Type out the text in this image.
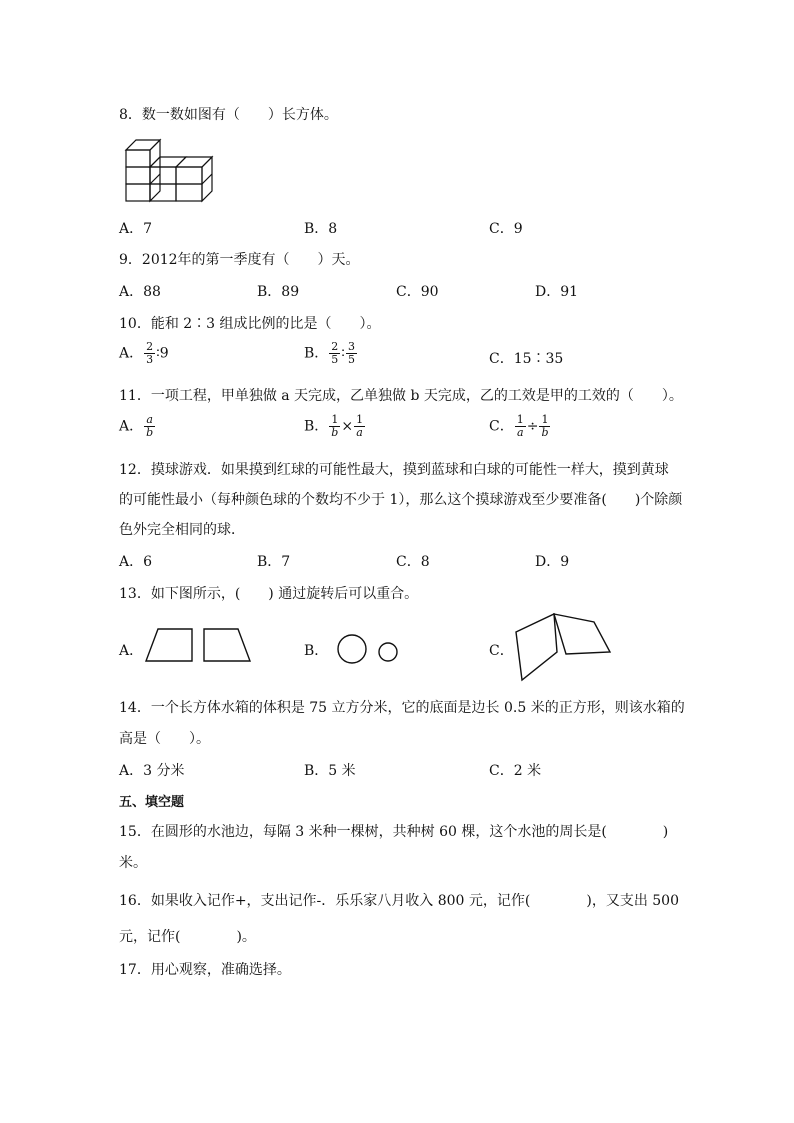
8．数一数如图有（　　）长方体。
A．7	B．8	C．9
9．2012年的第一季度有（　　）天。
A．88	B．89	C．90	D．91
10．能和 2∶3 组成比例的比是（　　）。
A． $\frac{2}{3}$ ∶9	B． $\frac{2}{5}$ ∶ $\frac{3}{5}$	C．15∶35
11．一项工程，甲单独做 a 天完成，乙单独做 b 天完成，乙的工效是甲的工效的（　　）。
A． $\frac{a}{b}$	B． $\frac{1}{b} \times \frac{1}{a}$	C． $\frac{1}{a} \div \frac{1}{b}$
12．摸球游戏．如果摸到红球的可能性最大，摸到蓝球和白球的可能性一样大，摸到黄球
的可能性最小（每种颜色球的个数均不少于 1），那么这个摸球游戏至少要准备(　　)个除颜
色外完全相同的球．
A．6	B．7	C．8	D．9
13．如下图所示，(　　) 通过旋转后可以重合。
A．	B．	C．
14．一个长方体水箱的体积是 75 立方分米，它的底面是边长 0.5 米的正方形，则该水箱的
高是（　　）。
A．3 分米	B．5 米	C．2 米
五、填空题
15．在圆形的水池边，每隔 3 米种一棵树，共种树 60 棵，这个水池的周长是(　　　　)
米。
16．如果收入记作+，支出记作-．乐乐家八月收入 800 元，记作(　　　　)，又支出 500
元，记作(　　　　)。
17．用心观察，准确选择。
